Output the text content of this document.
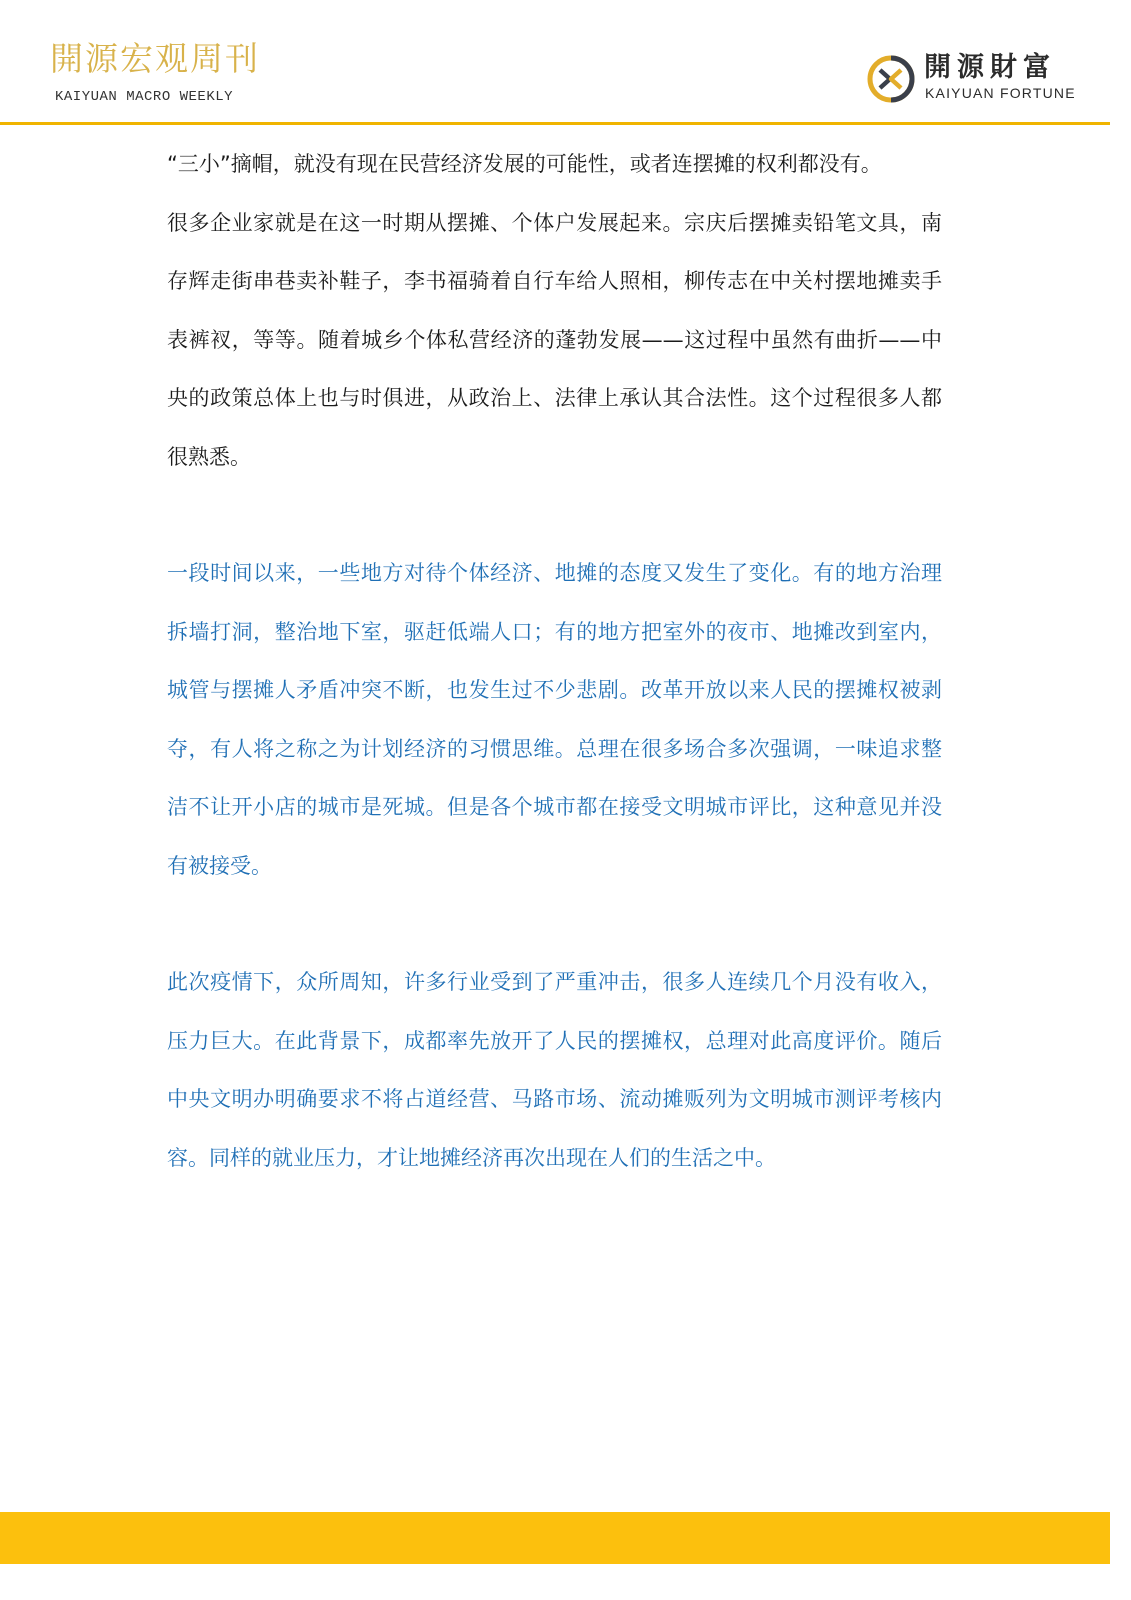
開源宏观周刊
KAIYUAN MACRO WEEKLY
開源財富
KAIYUAN FORTUNE

“三小”摘帽，就没有现在民营经济发展的可能性，或者连摆摊的权利都没有。

很多企业家就是在这一时期从摆摊、个体户发展起来。宗庆后摆摊卖铅笔文具，南存辉走街串巷卖补鞋子，李书福骑着自行车给人照相，柳传志在中关村摆地摊卖手表裤衩，等等。随着城乡个体私营经济的蓬勃发展——这过程中虽然有曲折——中央的政策总体上也与时俱进，从政治上、法律上承认其合法性。这个过程很多人都很熟悉。

一段时间以来，一些地方对待个体经济、地摊的态度又发生了变化。有的地方治理拆墙打洞，整治地下室，驱赶低端人口；有的地方把室外的夜市、地摊改到室内，城管与摆摊人矛盾冲突不断，也发生过不少悲剧。改革开放以来人民的摆摊权被剥夺，有人将之称之为计划经济的习惯思维。总理在很多场合多次强调，一味追求整洁不让开小店的城市是死城。但是各个城市都在接受文明城市评比，这种意见并没有被接受。

此次疫情下，众所周知，许多行业受到了严重冲击，很多人连续几个月没有收入，压力巨大。在此背景下，成都率先放开了人民的摆摊权，总理对此高度评价。随后中央文明办明确要求不将占道经营、马路市场、流动摊贩列为文明城市测评考核内容。同样的就业压力，才让地摊经济再次出现在人们的生活之中。
